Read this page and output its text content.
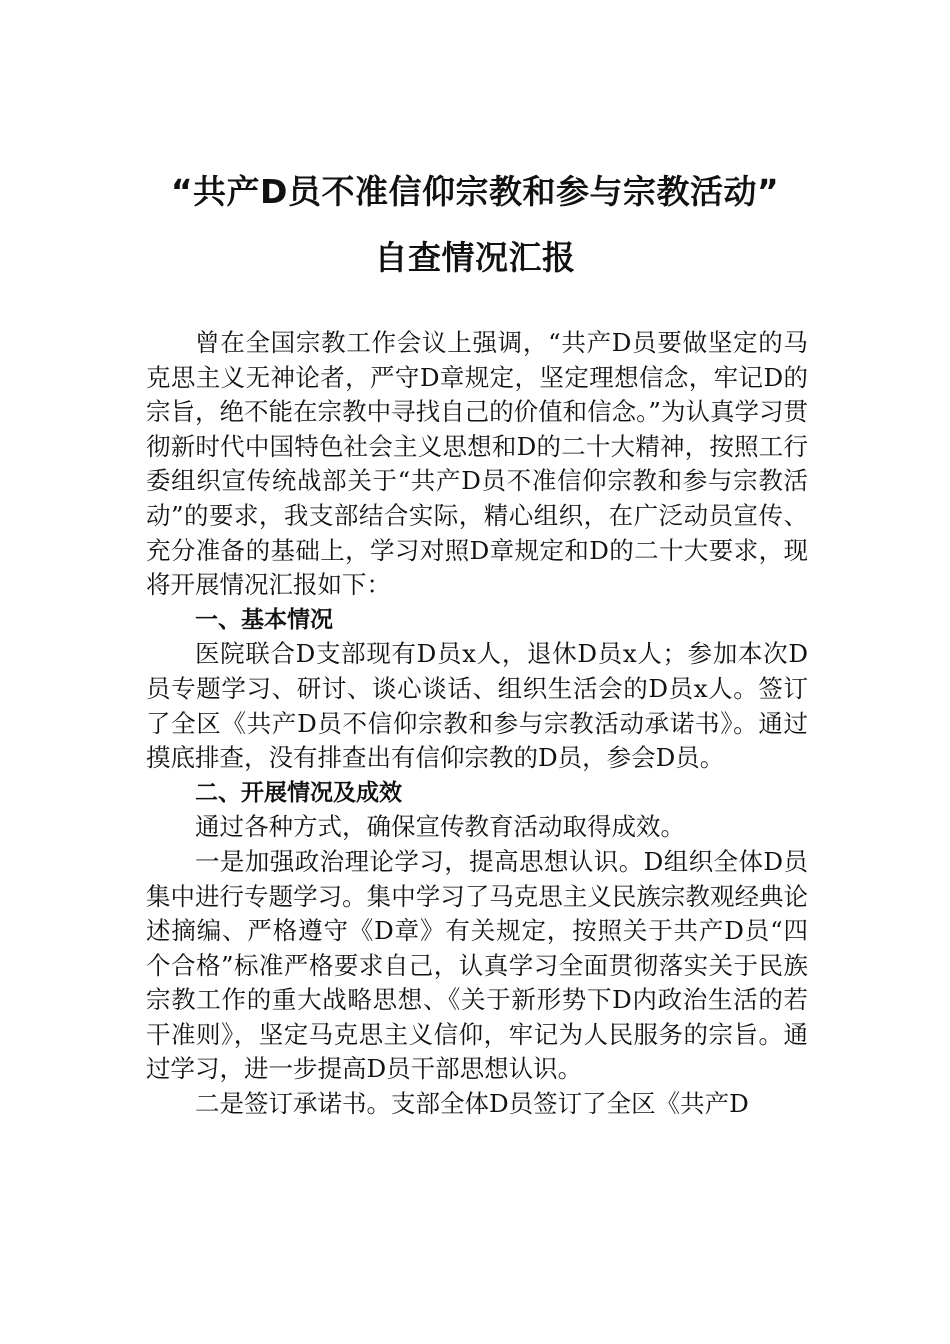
“共产D员不准信仰宗教和参与宗教活动”
自查情况汇报

曾在全国宗教工作会议上强调，“共产D员要做坚定的马克思主义无神论者，严守D章规定，坚定理想信念，牢记D的宗旨，绝不能在宗教中寻找自己的价值和信念。”为认真学习贯彻新时代中国特色社会主义思想和D的二十大精神，按照工行委组织宣传统战部关于“共产D员不准信仰宗教和参与宗教活动”的要求，我支部结合实际，精心组织，在广泛动员宣传、充分准备的基础上，学习对照D章规定和D的二十大要求，现将开展情况汇报如下：

一、基本情况

医院联合D支部现有D员x人，退休D员x人；参加本次D员专题学习、研讨、谈心谈话、组织生活会的D员x人。签订了全区《共产D员不信仰宗教和参与宗教活动承诺书》。通过摸底排查，没有排查出有信仰宗教的D员，参会D员。

二、开展情况及成效

通过各种方式，确保宣传教育活动取得成效。

一是加强政治理论学习，提高思想认识。D组织全体D员集中进行专题学习。集中学习了马克思主义民族宗教观经典论述摘编、严格遵守《D章》有关规定，按照关于共产D员“四个合格”标准严格要求自己，认真学习全面贯彻落实关于民族宗教工作的重大战略思想、《关于新形势下D内政治生活的若干准则》，坚定马克思主义信仰，牢记为人民服务的宗旨。通过学习，进一步提高D员干部思想认识。

二是签订承诺书。支部全体D员签订了全区《共产D
